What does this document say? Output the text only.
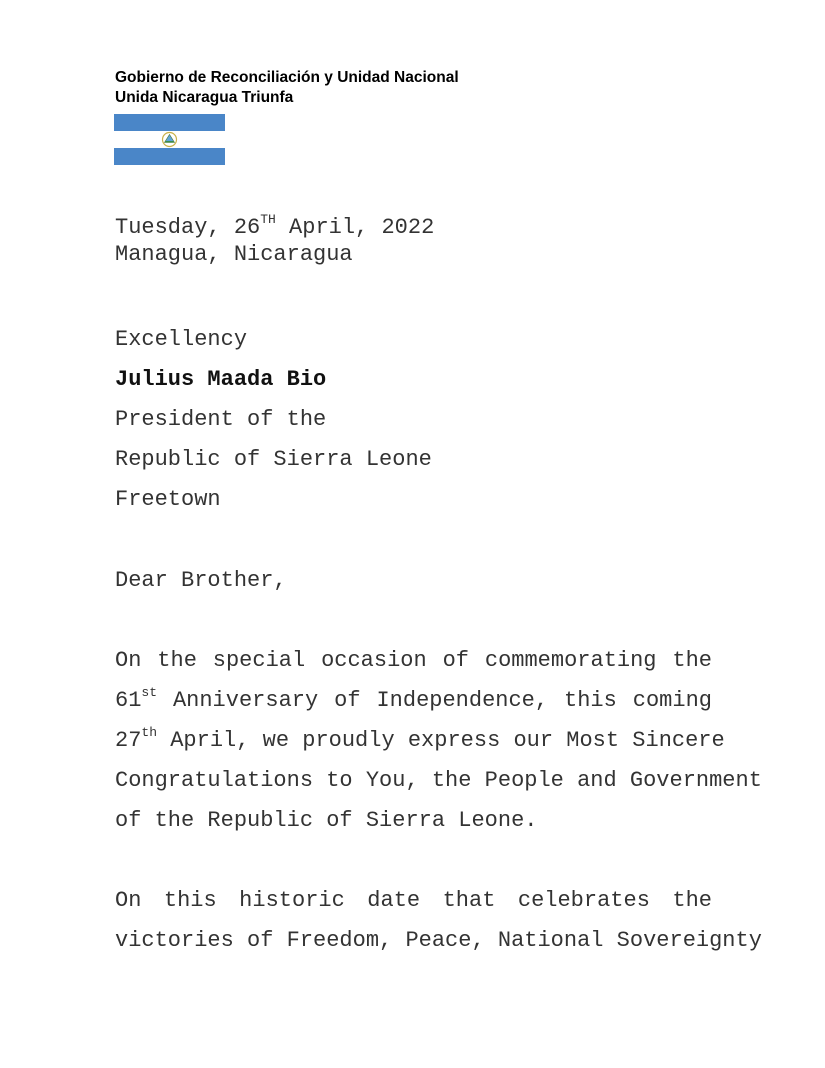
Gobierno de Reconciliación y Unidad Nacional
Unida Nicaragua Triunfa
Tuesday, 26TH April, 2022
Managua, Nicaragua
Excellency
Julius Maada Bio
President of the
Republic of Sierra Leone
Freetown
Dear Brother,
On the special occasion of commemorating the
61st Anniversary of Independence, this coming
27th April, we proudly express our Most Sincere
Congratulations to You, the People and Government
of the Republic of Sierra Leone.
On this historic date that celebrates the
victories of Freedom, Peace, National Sovereignty
